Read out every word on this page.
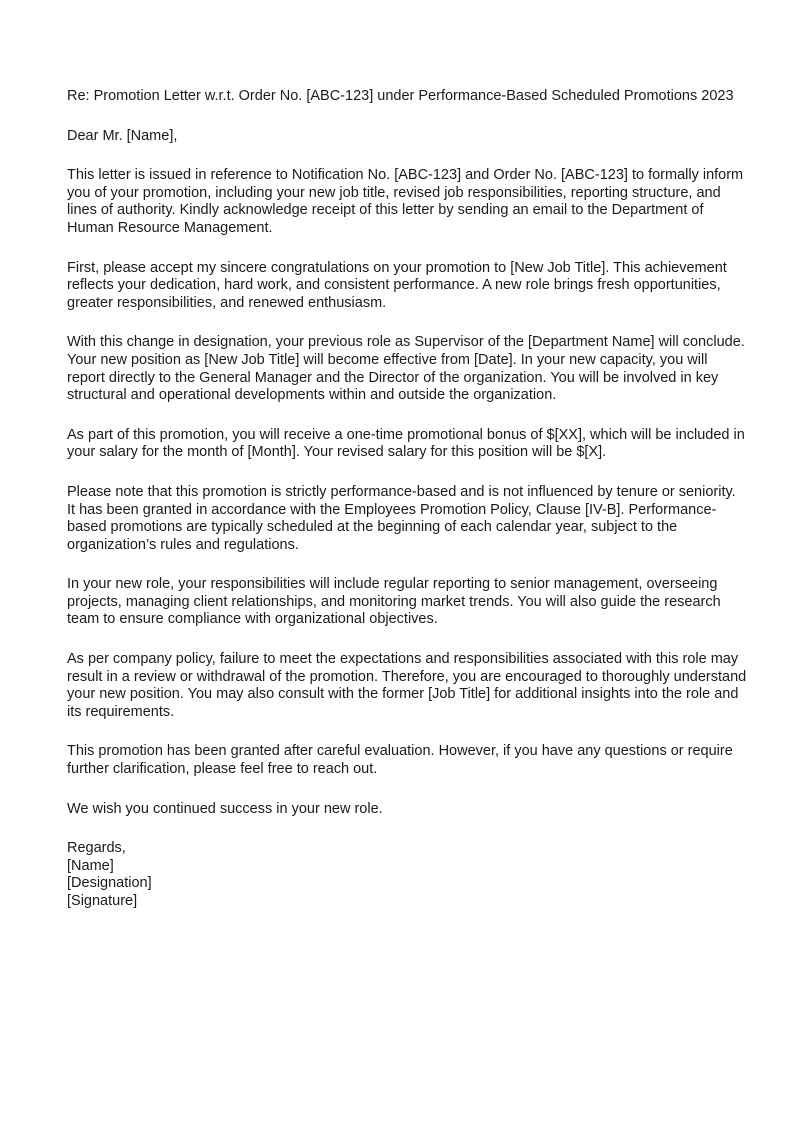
Re: Promotion Letter w.r.t. Order No. [ABC-123] under Performance-Based Scheduled Promotions 2023

Dear Mr. [Name],

This letter is issued in reference to Notification No. [ABC-123] and Order No. [ABC-123] to formally inform you of your promotion, including your new job title, revised job responsibilities, reporting structure, and lines of authority. Kindly acknowledge receipt of this letter by sending an email to the Department of Human Resource Management.

First, please accept my sincere congratulations on your promotion to [New Job Title]. This achievement reflects your dedication, hard work, and consistent performance. A new role brings fresh opportunities, greater responsibilities, and renewed enthusiasm.

With this change in designation, your previous role as Supervisor of the [Department Name] will conclude. Your new position as [New Job Title] will become effective from [Date]. In your new capacity, you will report directly to the General Manager and the Director of the organization. You will be involved in key structural and operational developments within and outside the organization.

As part of this promotion, you will receive a one-time promotional bonus of $[XX], which will be included in your salary for the month of [Month]. Your revised salary for this position will be $[X].

Please note that this promotion is strictly performance-based and is not influenced by tenure or seniority. It has been granted in accordance with the Employees Promotion Policy, Clause [IV-B]. Performance-based promotions are typically scheduled at the beginning of each calendar year, subject to the organization’s rules and regulations.

In your new role, your responsibilities will include regular reporting to senior management, overseeing projects, managing client relationships, and monitoring market trends. You will also guide the research team to ensure compliance with organizational objectives.

As per company policy, failure to meet the expectations and responsibilities associated with this role may result in a review or withdrawal of the promotion. Therefore, you are encouraged to thoroughly understand your new position. You may also consult with the former [Job Title] for additional insights into the role and its requirements.

This promotion has been granted after careful evaluation. However, if you have any questions or require further clarification, please feel free to reach out.

We wish you continued success in your new role.

Regards,
[Name]
[Designation]
[Signature]
